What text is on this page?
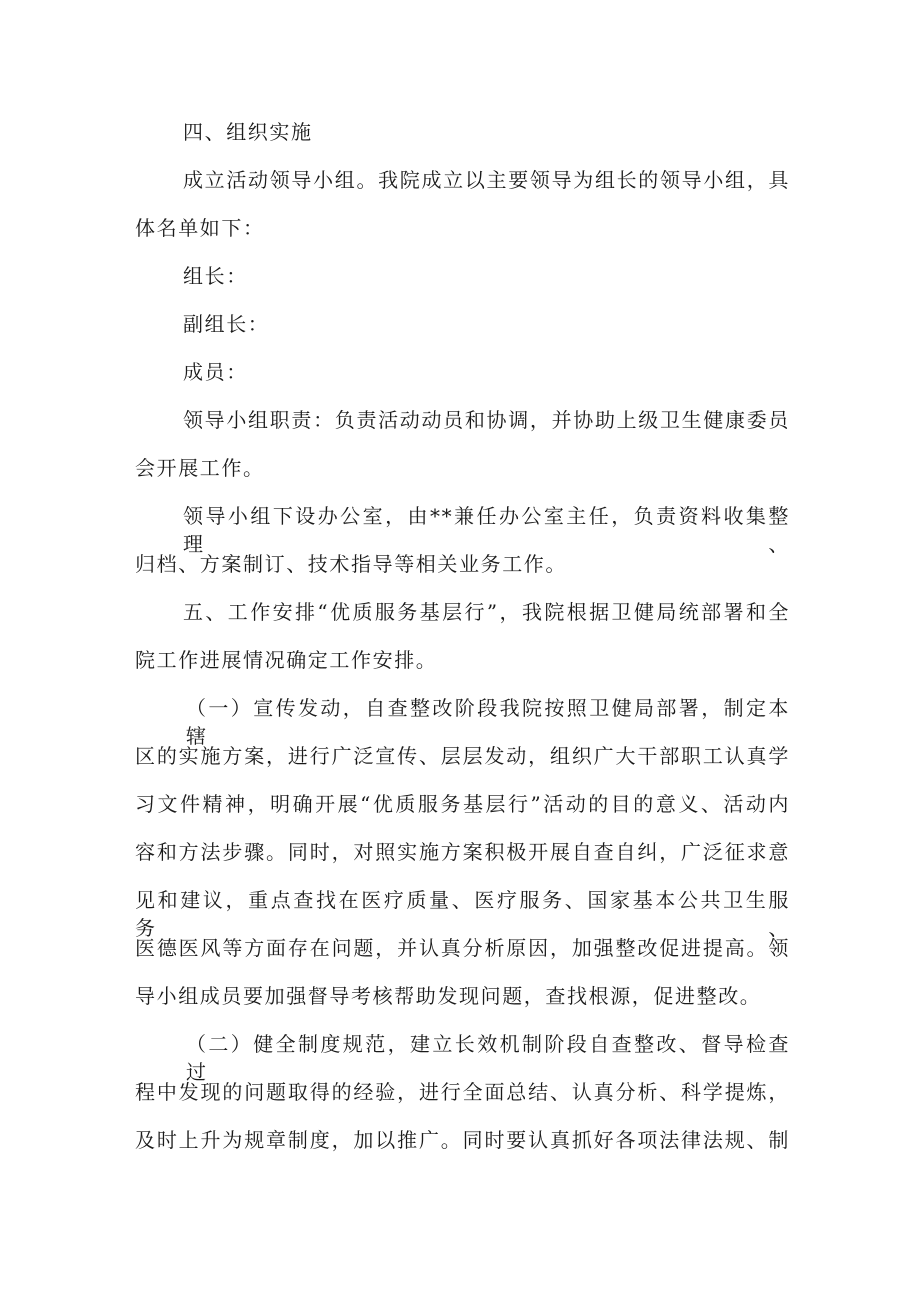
四、组织实施
成立活动领导小组。我院成立以主要领导为组长的领导小组，具
体名单如下：
组长：
副组长：
成员：
领导小组职责：负责活动动员和协调，并协助上级卫生健康委员
会开展工作。
领导小组下设办公室，由**兼任办公室主任，负责资料收集整理、
归档、方案制订、技术指导等相关业务工作。
五、工作安排“优质服务基层行”，我院根据卫健局统部署和全
院工作进展情况确定工作安排。
（一）宣传发动，自查整改阶段我院按照卫健局部署，制定本辖
区的实施方案，进行广泛宣传、层层发动，组织广大干部职工认真学
习文件精神，明确开展“优质服务基层行”活动的目的意义、活动内
容和方法步骤。同时，对照实施方案积极开展自查自纠，广泛征求意
见和建议，重点查找在医疗质量、医疗服务、国家基本公共卫生服务、
医德医风等方面存在问题，并认真分析原因，加强整改促进提高。领
导小组成员要加强督导考核帮助发现问题，查找根源，促进整改。
（二）健全制度规范，建立长效机制阶段自查整改、督导检查过
程中发现的问题取得的经验，进行全面总结、认真分析、科学提炼，
及时上升为规章制度，加以推广。同时要认真抓好各项法律法规、制
